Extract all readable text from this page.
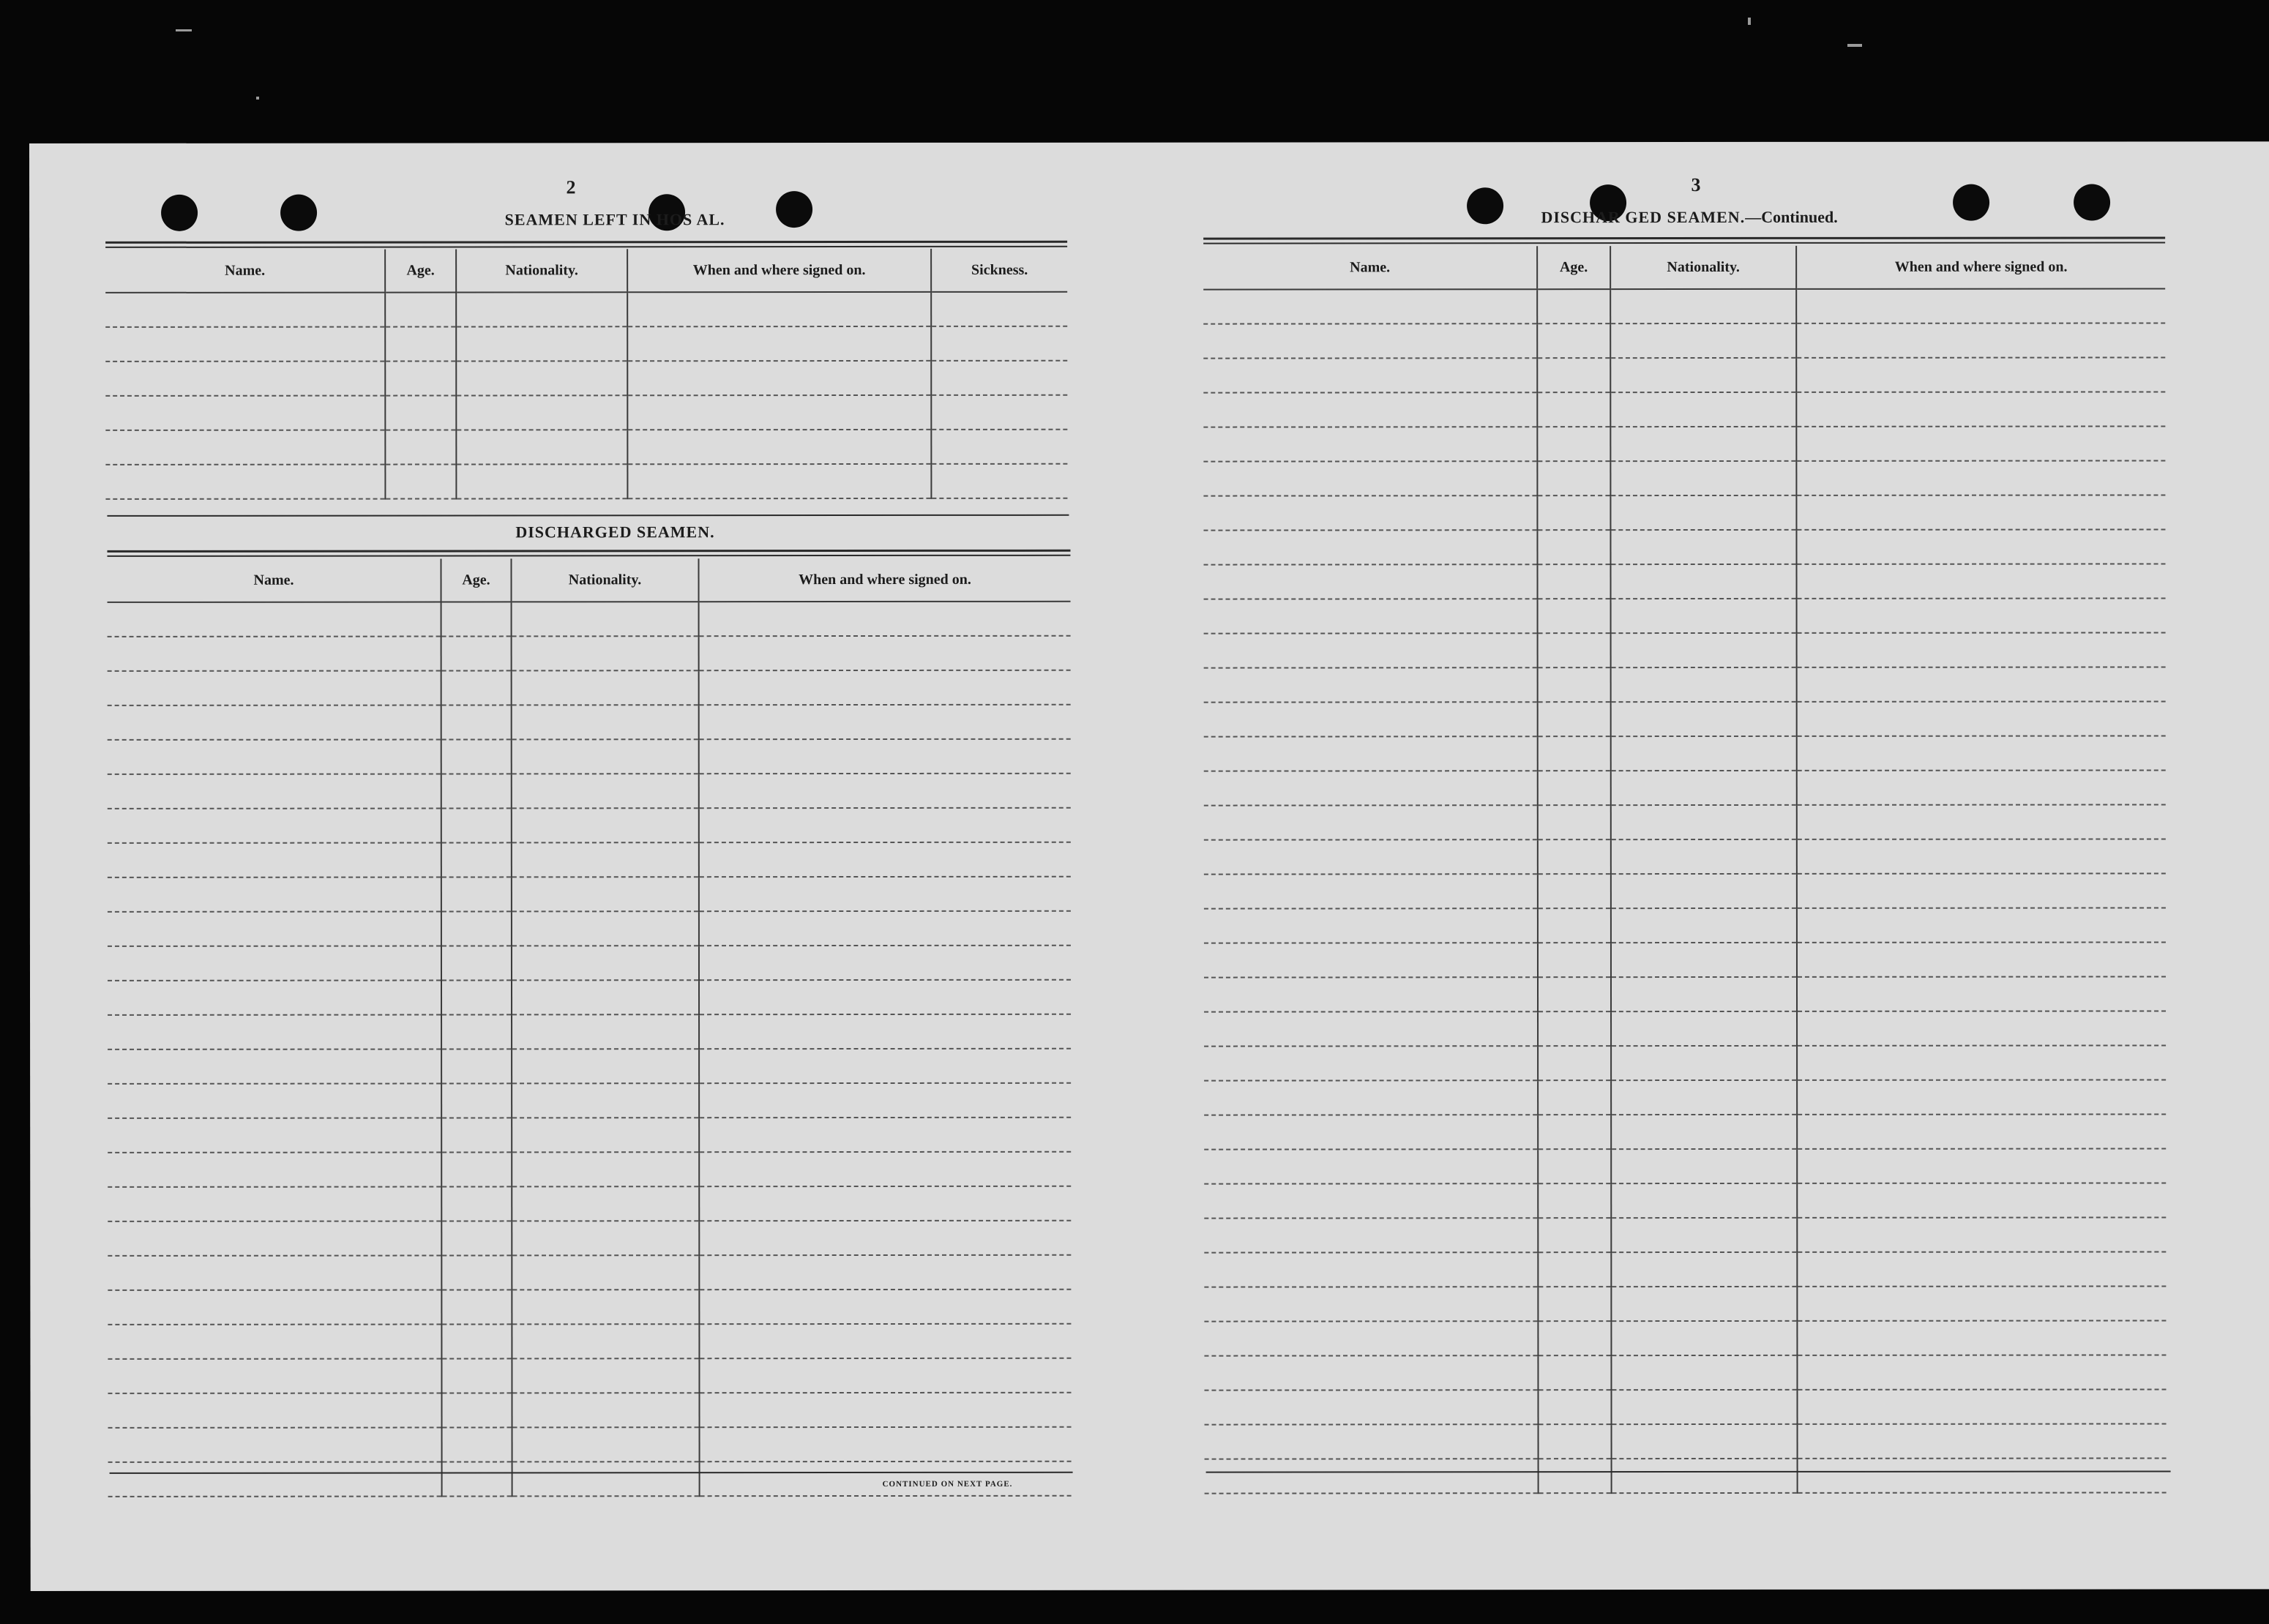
2
SEAMEN LEFT IN HOS AL.
Name.	Age.	Nationality.	When and where signed on.	Sickness.

DISCHARGED SEAMEN.
Name.	Age.	Nationality.	When and where signed on.

CONTINUED ON NEXT PAGE.
3
DISCHAR GED SEAMEN.—Continued.
Name.	Age.	Nationality.	When and where signed on.
